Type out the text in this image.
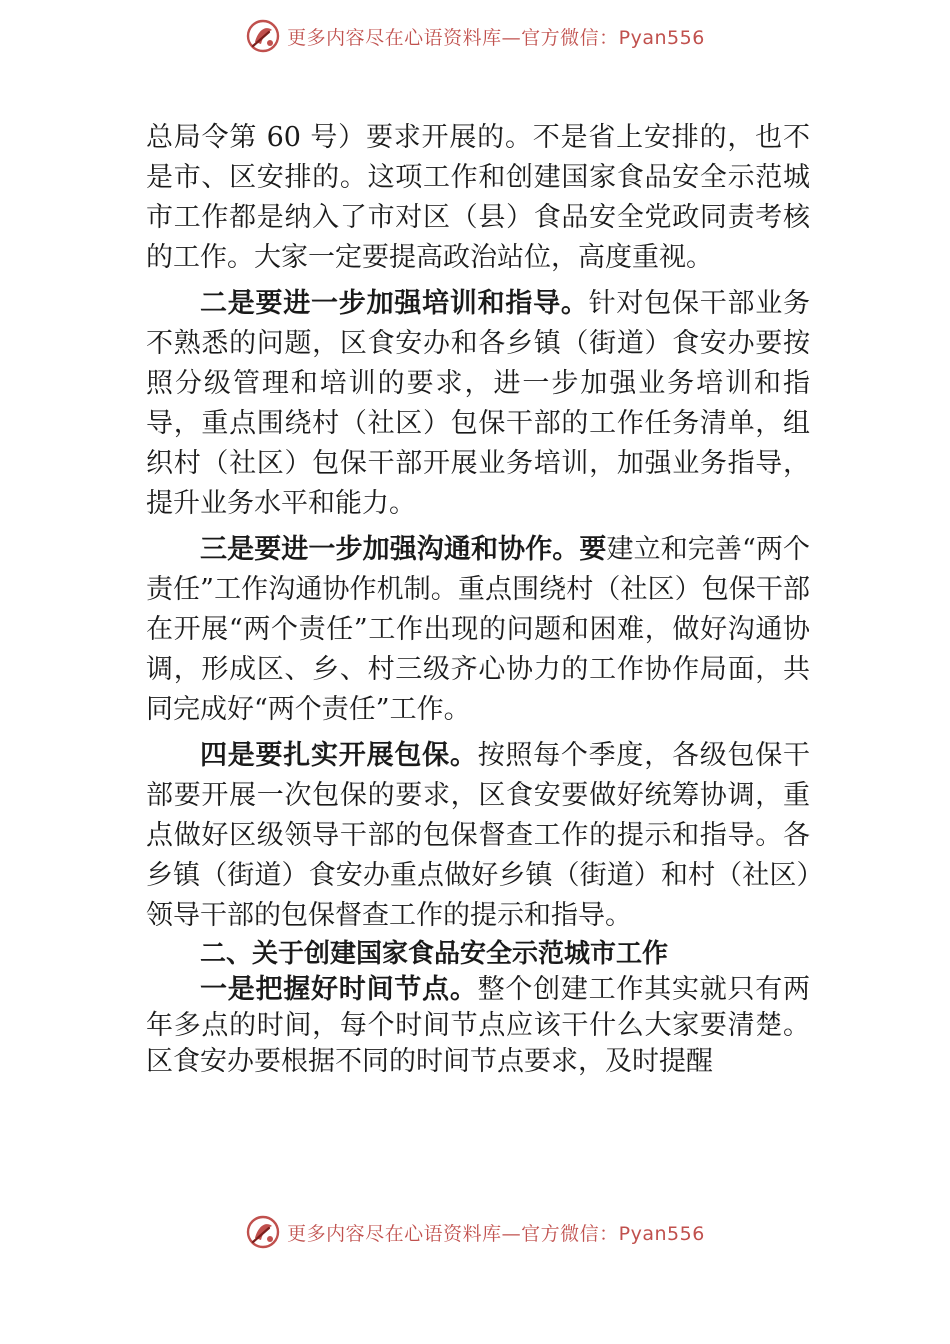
更多内容尽在心语资料库—官方微信：Pyan556

总局令第 60 号）要求开展的。不是省上安排的，也不是市、区安排的。这项工作和创建国家食品安全示范城市工作都是纳入了市对区（县）食品安全党政同责考核的工作。大家一定要提高政治站位，高度重视。

二是要进一步加强培训和指导。针对包保干部业务不熟悉的问题，区食安办和各乡镇（街道）食安办要按照分级管理和培训的要求，进一步加强业务培训和指导，重点围绕村（社区）包保干部的工作任务清单，组织村（社区）包保干部开展业务培训，加强业务指导，提升业务水平和能力。

三是要进一步加强沟通和协作。要建立和完善“两个责任”工作沟通协作机制。重点围绕村（社区）包保干部在开展“两个责任”工作出现的问题和困难，做好沟通协调，形成区、乡、村三级齐心协力的工作协作局面，共同完成好“两个责任”工作。

四是要扎实开展包保。按照每个季度，各级包保干部要开展一次包保的要求，区食安要做好统筹协调，重点做好区级领导干部的包保督查工作的提示和指导。各乡镇（街道）食安办重点做好乡镇（街道）和村（社区）领导干部的包保督查工作的提示和指导。

二、关于创建国家食品安全示范城市工作

一是把握好时间节点。整个创建工作其实就只有两年多点的时间，每个时间节点应该干什么大家要清楚。区食安办要根据不同的时间节点要求，及时提醒

更多内容尽在心语资料库—官方微信：Pyan556
